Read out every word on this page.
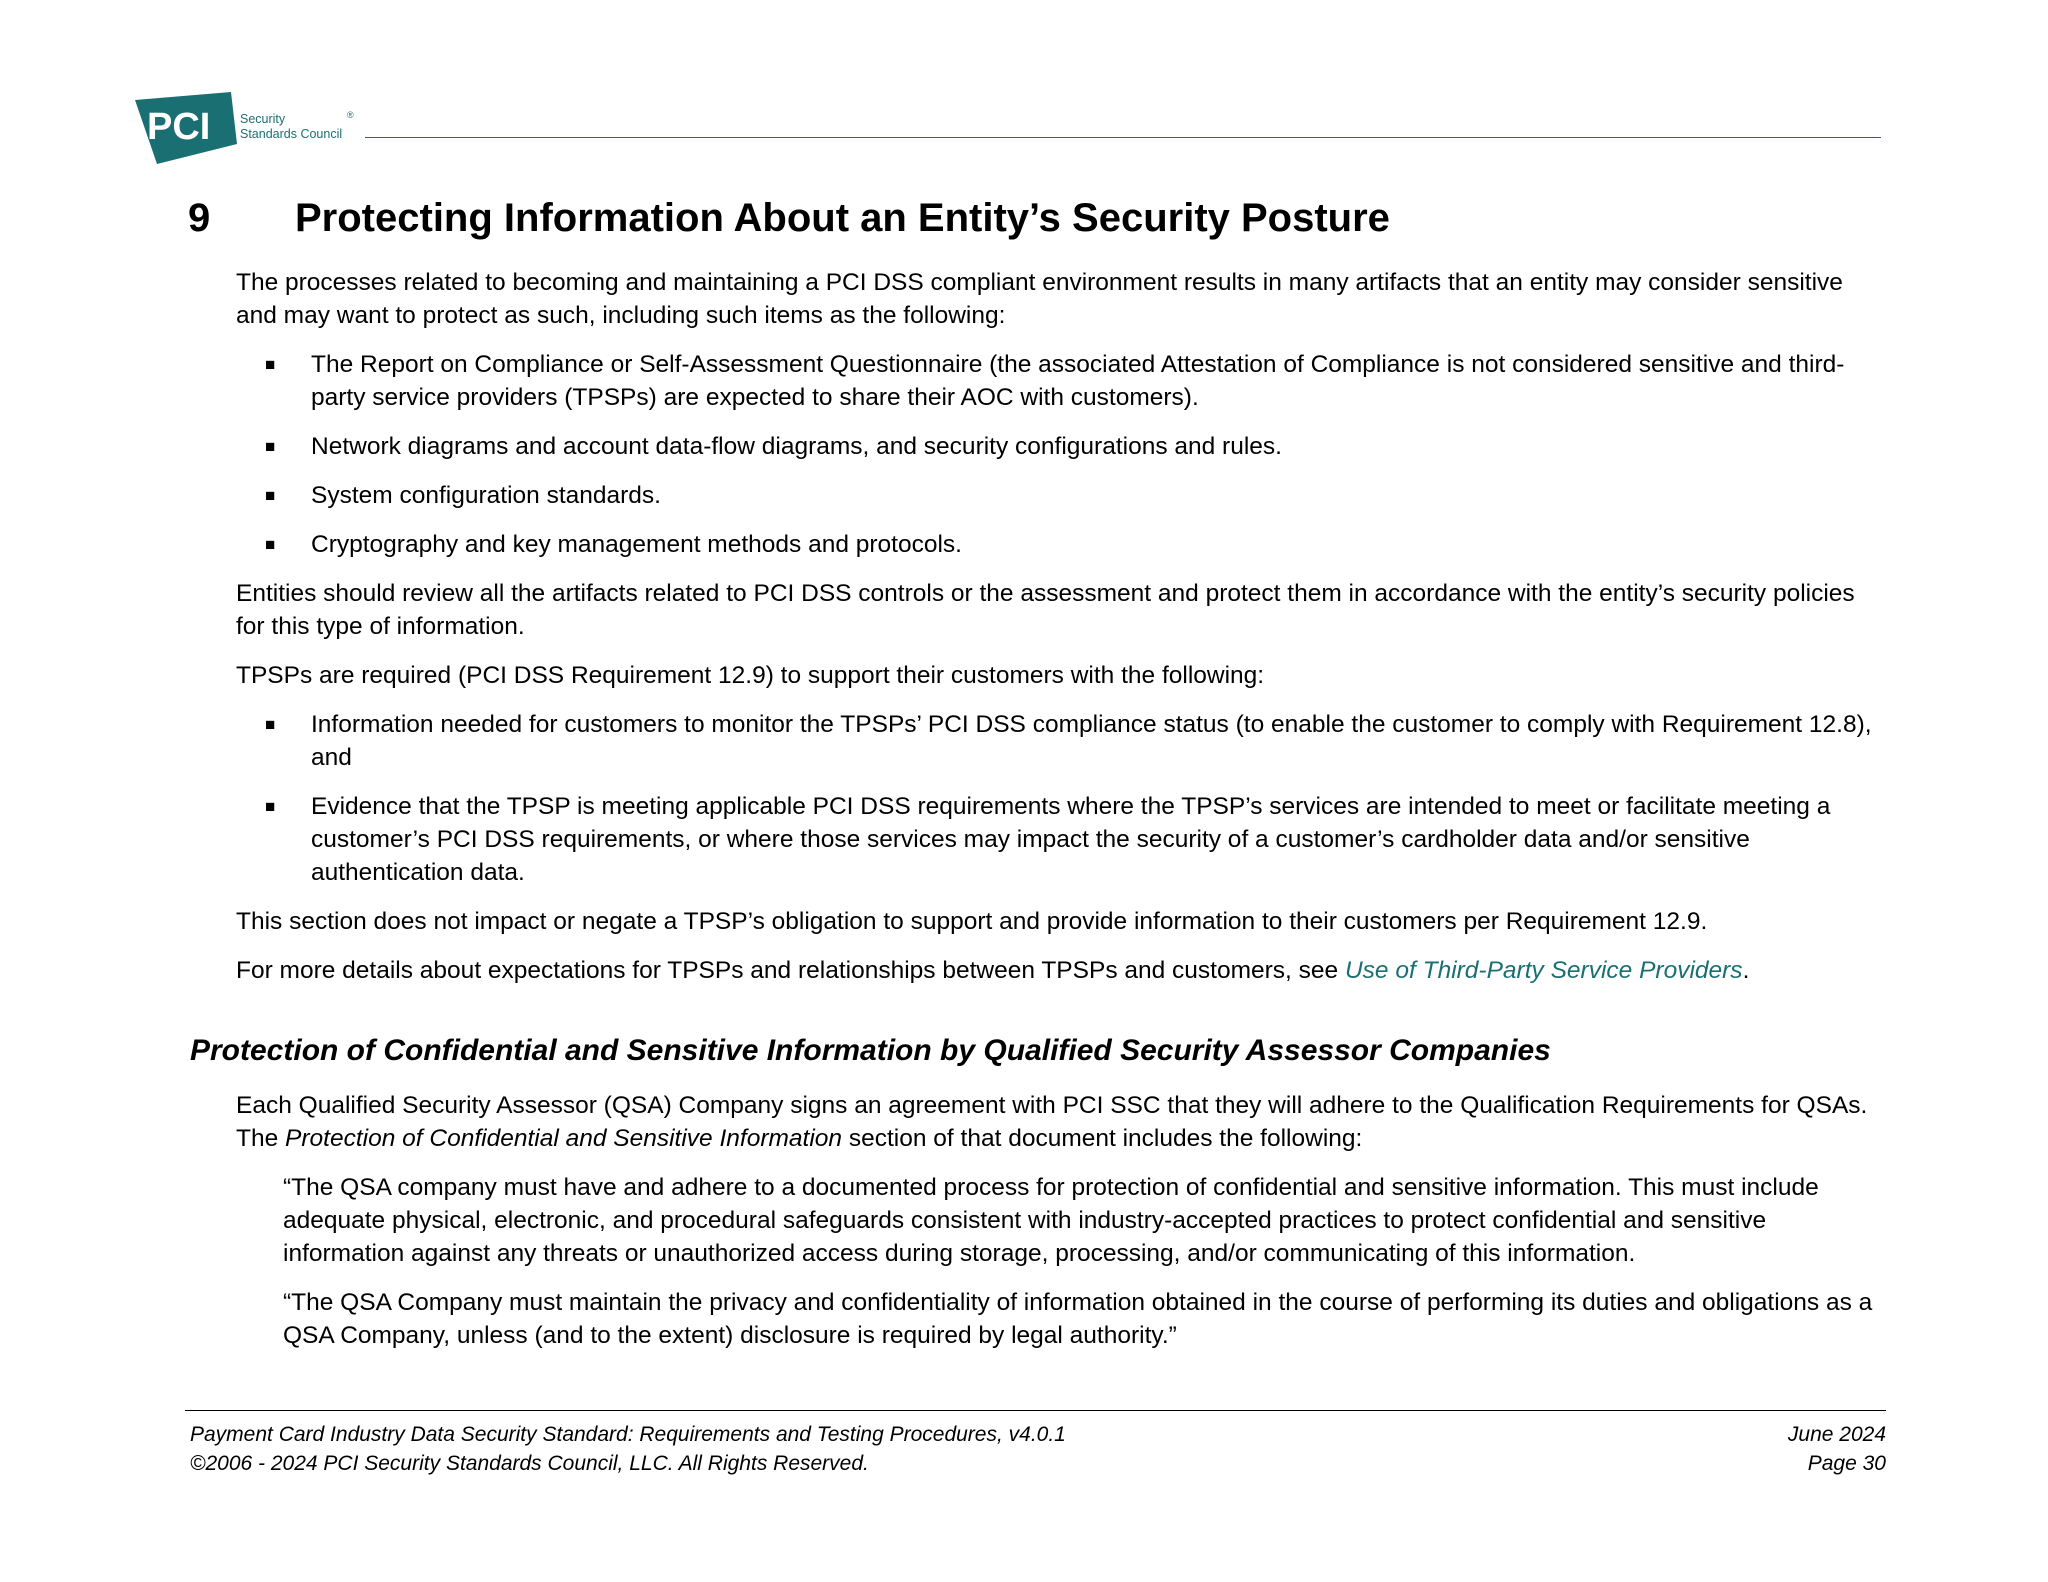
PCI Security
Standards Council
®
9 Protecting Information About an Entity’s Security Posture
The processes related to becoming and maintaining a PCI DSS compliant environment results in many artifacts that an entity may consider sensitive and may want to protect as such, including such items as the following:
■ The Report on Compliance or Self-Assessment Questionnaire (the associated Attestation of Compliance is not considered sensitive and third-party service providers (TPSPs) are expected to share their AOC with customers).
■ Network diagrams and account data-flow diagrams, and security configurations and rules.
■ System configuration standards.
■ Cryptography and key management methods and protocols.
Entities should review all the artifacts related to PCI DSS controls or the assessment and protect them in accordance with the entity’s security policies for this type of information.
TPSPs are required (PCI DSS Requirement 12.9) to support their customers with the following:
■ Information needed for customers to monitor the TPSPs’ PCI DSS compliance status (to enable the customer to comply with Requirement 12.8), and
■ Evidence that the TPSP is meeting applicable PCI DSS requirements where the TPSP’s services are intended to meet or facilitate meeting a customer’s PCI DSS requirements, or where those services may impact the security of a customer’s cardholder data and/or sensitive authentication data.
This section does not impact or negate a TPSP’s obligation to support and provide information to their customers per Requirement 12.9.
For more details about expectations for TPSPs and relationships between TPSPs and customers, see Use of Third-Party Service Providers.
Protection of Confidential and Sensitive Information by Qualified Security Assessor Companies
Each Qualified Security Assessor (QSA) Company signs an agreement with PCI SSC that they will adhere to the Qualification Requirements for QSAs. The Protection of Confidential and Sensitive Information section of that document includes the following:
“The QSA company must have and adhere to a documented process for protection of confidential and sensitive information. This must include adequate physical, electronic, and procedural safeguards consistent with industry-accepted practices to protect confidential and sensitive information against any threats or unauthorized access during storage, processing, and/or communicating of this information.
“The QSA Company must maintain the privacy and confidentiality of information obtained in the course of performing its duties and obligations as a QSA Company, unless (and to the extent) disclosure is required by legal authority.”
Payment Card Industry Data Security Standard: Requirements and Testing Procedures, v4.0.1
©2006 - 2024 PCI Security Standards Council, LLC. All Rights Reserved.
June 2024
Page 30
